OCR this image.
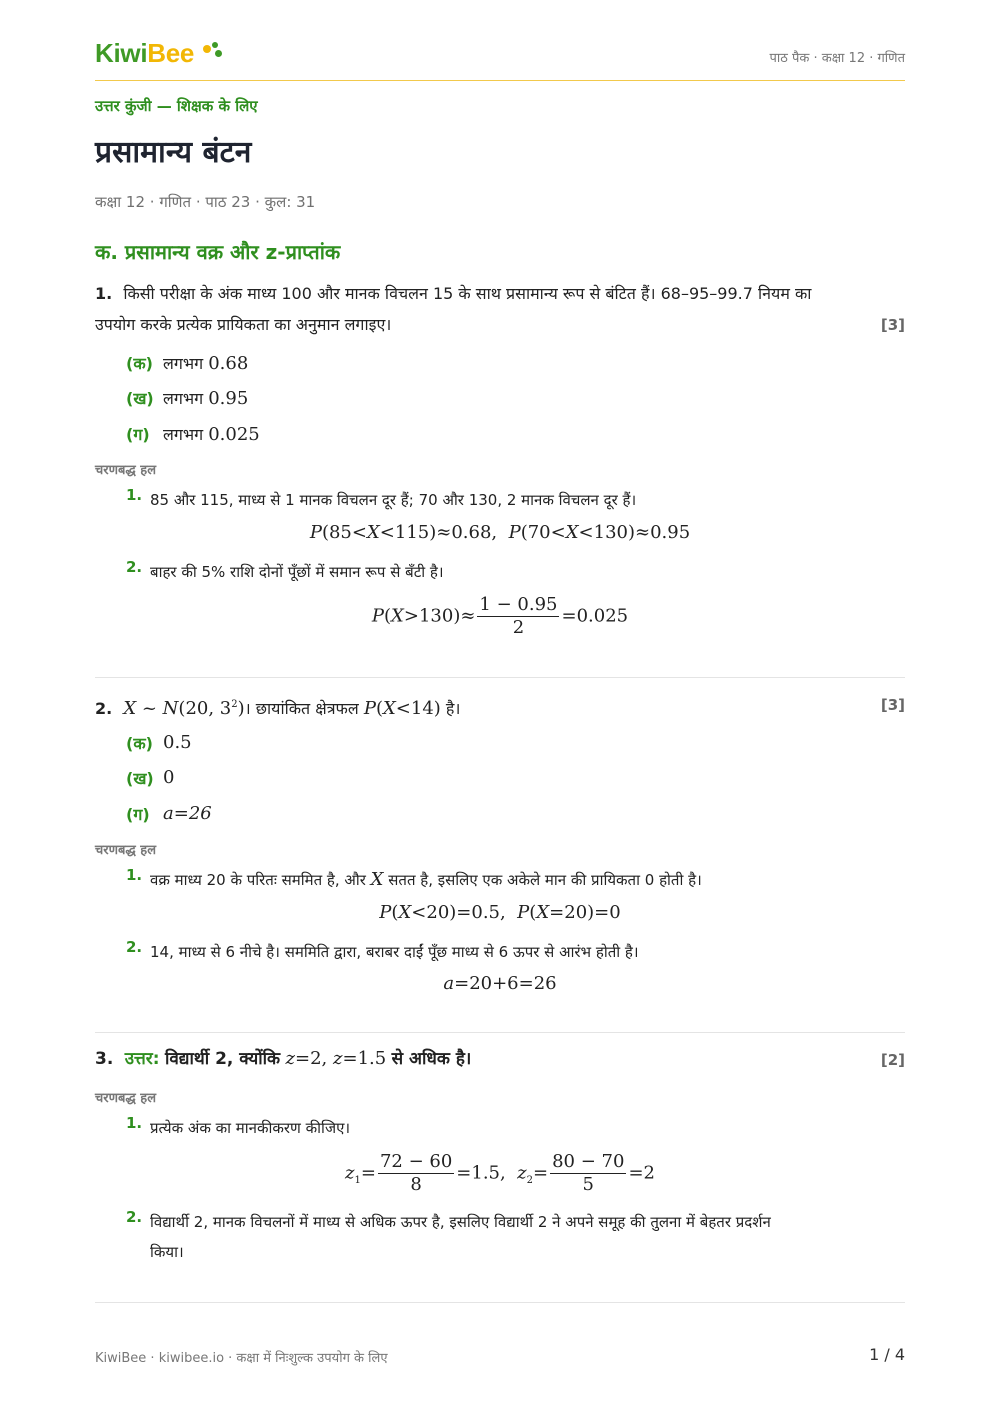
KiwiBee	पाठ पैक · कक्षा 12 · गणित
उत्तर कुंजी — शिक्षक के लिए
प्रसामान्य बंटन
कक्षा 12 · गणित · पाठ 23 · कुल: 31
क. प्रसामान्य वक्र और z-प्राप्तांक
1. किसी परीक्षा के अंक माध्य 100 और मानक विचलन 15 के साथ प्रसामान्य रूप से बंटित हैं। 68–95–99.7 नियम का
उपयोग करके प्रत्येक प्रायिकता का अनुमान लगाइए।	[3]
(क) लगभग 0.68
(ख) लगभग 0.95
(ग) लगभग 0.025
चरणबद्ध हल
1. 85 और 115, माध्य से 1 मानक विचलन दूर हैं; 70 और 130, 2 मानक विचलन दूर हैं।
P(85<X<115)≈0.68,  P(70<X<130)≈0.95
2. बाहर की 5% राशि दोनों पूँछों में समान रूप से बँटी है।
$P(X>130)\approx \frac{1 - 0.95}{2} =0.025$
2. X ~ N(20, $3^2)।$ छायांकित क्षेत्रफल P(X<14) है।	[3]
(क) 0.5
(ख) 0
(ग) a=26
चरणबद्ध हल
1. वक्र माध्य 20 के परितः सममित है, और X सतत है, इसलिए एक अकेले मान की प्रायिकता 0 होती है।
P(X<20)=0.5,  P(X=20)=0
2. 14, माध्य से 6 नीचे है। सममिति द्वारा, बराबर दाईं पूँछ माध्य से 6 ऊपर से आरंभ होती है।
a=20+6=26
3. उत्तर: विद्यार्थी 2, क्योंकि z=2, z=1.5 से अधिक है।	[2]
चरणबद्ध हल
1. प्रत्येक अंक का मानकीकरण कीजिए।
$z_1= \frac{72 - 60}{8} =1.5$,  $z_2= \frac{80 - 70}{5} =2$
2. विद्यार्थी 2, मानक विचलनों में माध्य से अधिक ऊपर है, इसलिए विद्यार्थी 2 ने अपने समूह की तुलना में बेहतर प्रदर्शन
किया।
KiwiBee · kiwibee.io · कक्षा में निःशुल्क उपयोग के लिए	1 / 4
